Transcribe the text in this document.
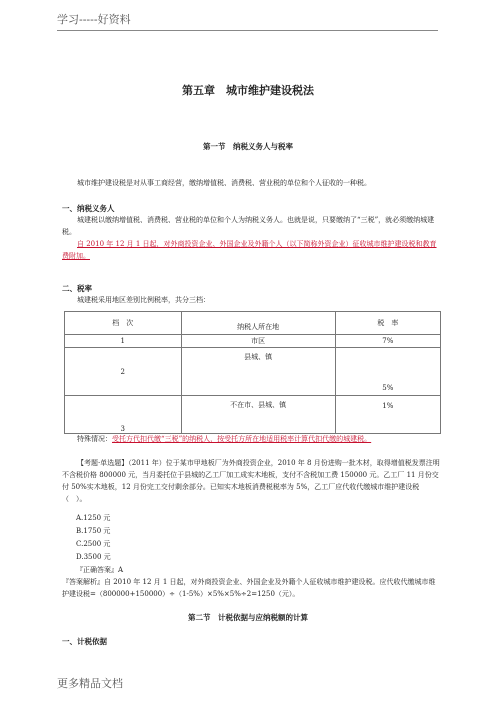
学习-----好资料
第五章　城市维护建设税法
第一节　纳税义务人与税率
城市维护建设税是对从事工商经营，缴纳增值税、消费税、营业税的单位和个人征收的一种税。
一、纳税义务人
城建税以缴纳增值税、消费税、营业税的单位和个人为纳税义务人。也就是说，只要缴纳了“三税”，就必须缴纳城建税。
自 2010 年 12 月 1 日起，对外商投资企业、外国企业及外籍个人（以下简称外资企业）征收城市维护建设税和教育费附加。
二、税率
城建税采用地区差别比例税率，共分三档：
档　次	纳税人所在地	税　率
1	市区	7%
2	县城、镇	5%
3	不在市、县城、镇	1%
特殊情况：受托方代扣代缴“三税”的纳税人，按受托方所在地适用税率计算代扣代缴的城建税。
【考题·单选题】（2011 年）位于某市甲地板厂为外商投资企业，2010 年 8 月份进购一批木材，取得增值税发票注明不含税价格 800000 元，当月委托位于县城的乙工厂加工成实木地板，支付不含税加工费 150000 元。乙工厂 11 月份交付 50%实木地板，12 月份完工交付剩余部分。已知实木地板消费税税率为 5%，乙工厂应代收代缴城市维护建设税（　）。
A.1250 元
B.1750 元
C.2500 元
D.3500 元
『正确答案』A
『答案解析』自 2010 年 12 月 1 日起，对外商投资企业、外国企业及外籍个人征收城市维护建设税。应代收代缴城市维护建设税=（800000+150000）÷（1-5%）×5%×5%÷2=1250（元）。
第二节　计税依据与应纳税额的计算
一、计税依据
更多精品文档
